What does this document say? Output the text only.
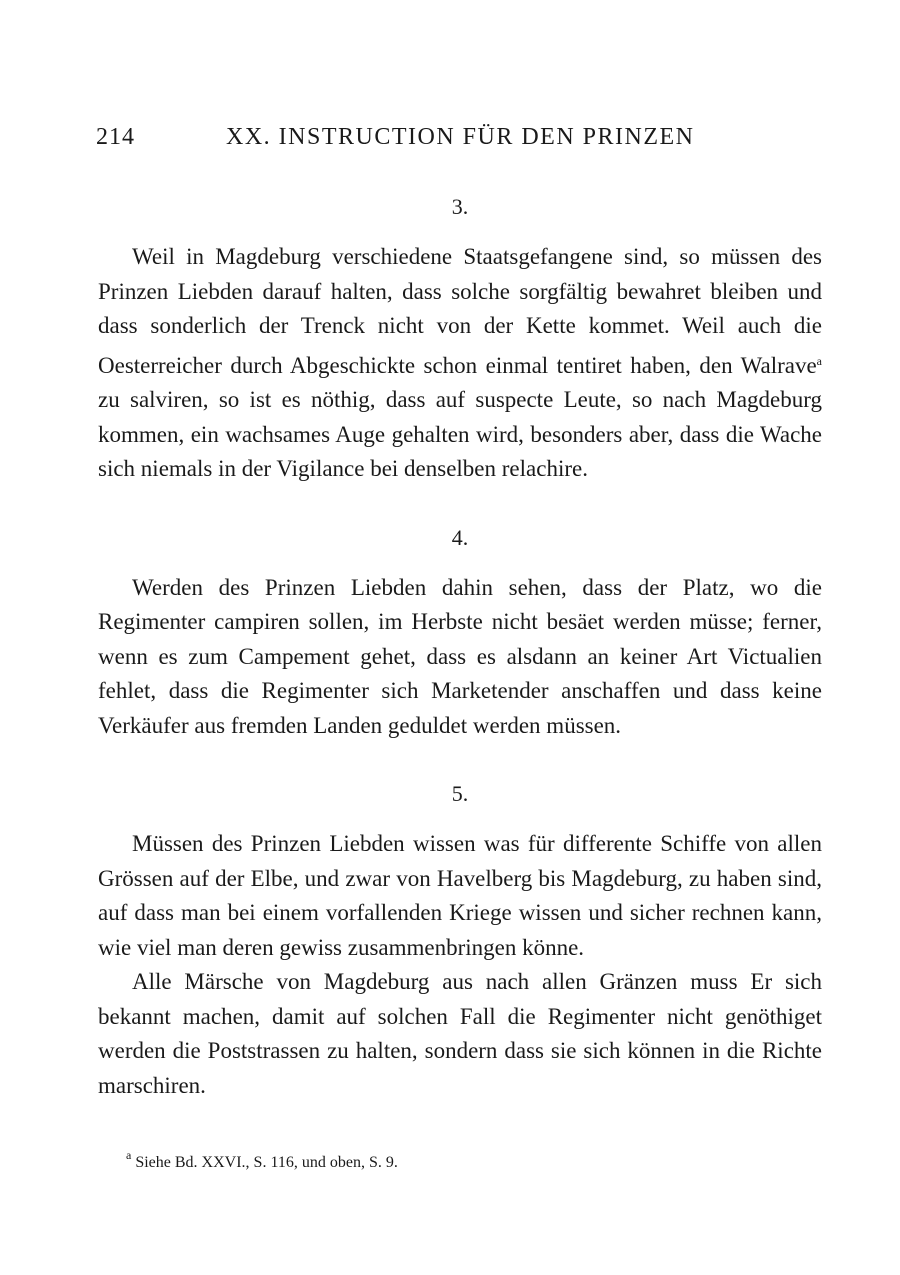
214	XX. INSTRUCTION FÜR DEN PRINZEN
3.

Weil in Magdeburg verschiedene Staatsgefangene sind, so müssen des Prinzen Liebden darauf halten, dass solche sorgfältig bewahret bleiben und dass sonderlich der Trenck nicht von der Kette kommet. Weil auch die Oesterreicher durch Abgeschickte schon einmal tentiret haben, den Walrave$^a$ zu salviren, so ist es nöthig, dass auf suspecte Leute, so nach Magdeburg kommen, ein wachsames Auge gehalten wird, besonders aber, dass die Wache sich niemals in der Vigilance bei denselben relachire.

4.

Werden des Prinzen Liebden dahin sehen, dass der Platz, wo die Regimenter campiren sollen, im Herbste nicht besäet werden müsse; ferner, wenn es zum Campement gehet, dass es alsdann an keiner Art Victualien fehlet, dass die Regimenter sich Marketender anschaffen und dass keine Verkäufer aus fremden Landen geduldet werden müssen.

5.

Müssen des Prinzen Liebden wissen was für differente Schiffe von allen Grössen auf der Elbe, und zwar von Havelberg bis Magdeburg, zu haben sind, auf dass man bei einem vorfallenden Kriege wissen und sicher rechnen kann, wie viel man deren gewiss zusammenbringen könne.

Alle Märsche von Magdeburg aus nach allen Gränzen muss Er sich bekannt machen, damit auf solchen Fall die Regimenter nicht genöthiget werden die Poststrassen zu halten, sondern dass sie sich können in die Richte marschiren.

$^a$ Siehe Bd. XXVI., S. 116, und oben, S. 9.
